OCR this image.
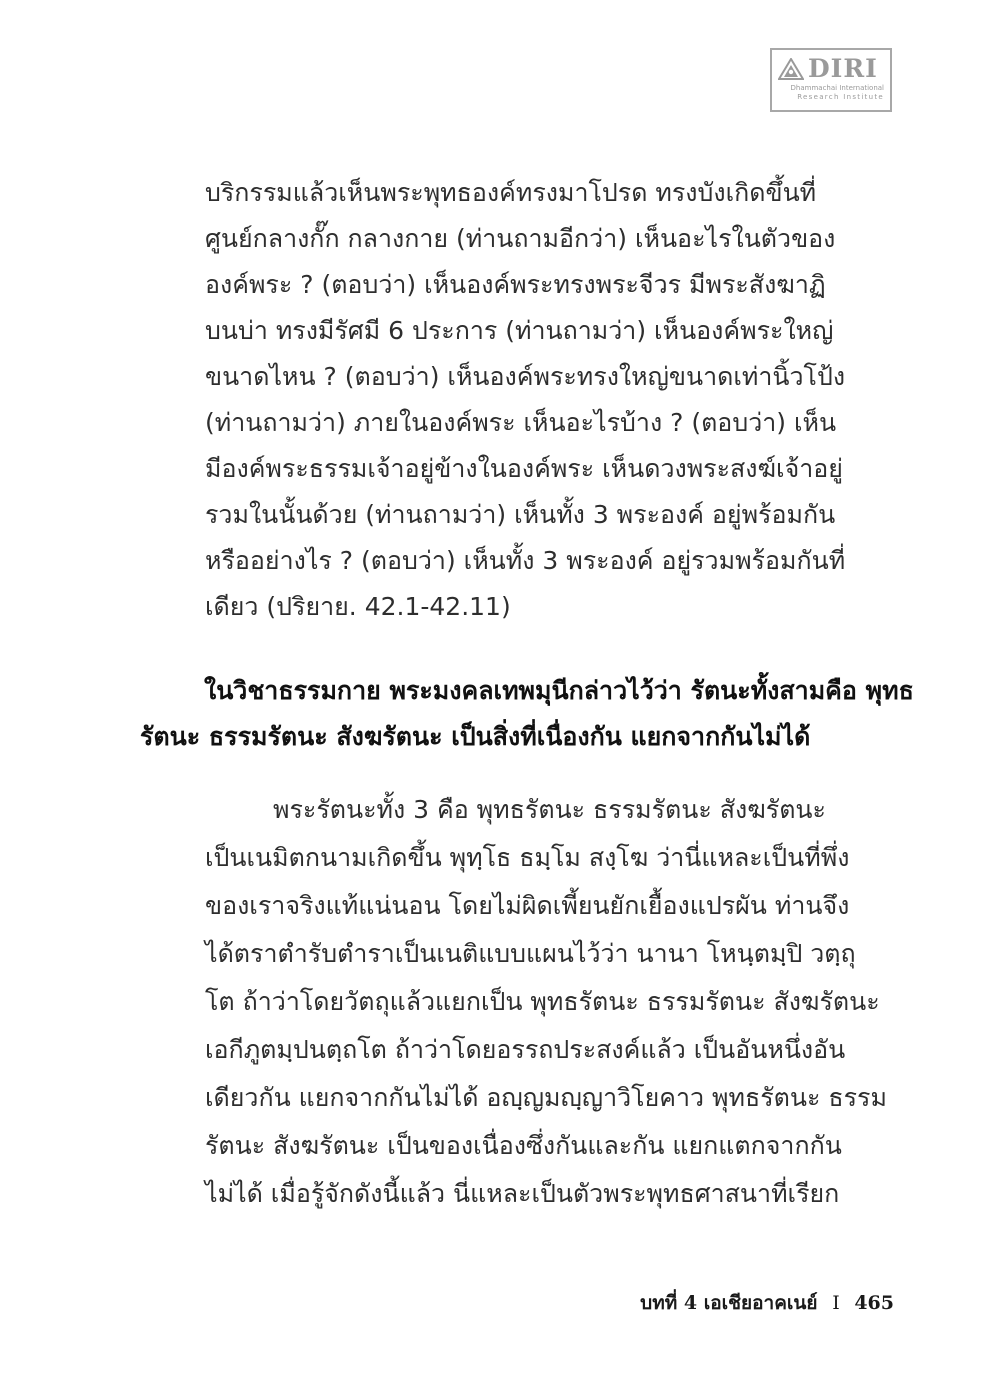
DIRI
Dhammachai International
Research Institute
บริกรรมแล้วเห็นพระพุทธองค์ทรงมาโปรด ทรงบังเกิดขึ้นที่
ศูนย์กลางกั๊ก กลางกาย (ท่านถามอีกว่า) เห็นอะไรในตัวของ
องค์พระ ? (ตอบว่า) เห็นองค์พระทรงพระจีวร มีพระสังฆาฏิ
บนบ่า ทรงมีรัศมี 6 ประการ (ท่านถามว่า) เห็นองค์พระใหญ่
ขนาดไหน ? (ตอบว่า) เห็นองค์พระทรงใหญ่ขนาดเท่านิ้วโป้ง
(ท่านถามว่า) ภายในองค์พระ เห็นอะไรบ้าง ? (ตอบว่า) เห็น
มีองค์พระธรรมเจ้าอยู่ข้างในองค์พระ เห็นดวงพระสงฆ์เจ้าอยู่
รวมในนั้นด้วย (ท่านถามว่า) เห็นทั้ง 3 พระองค์ อยู่พร้อมกัน
หรืออย่างไร ? (ตอบว่า) เห็นทั้ง 3 พระองค์ อยู่รวมพร้อมกันที่
เดียว (ปริยาย. 42.1-42.11)
ในวิชาธรรมกาย พระมงคลเทพมุนีกล่าวไว้ว่า รัตนะทั้งสามคือ พุทธ
รัตนะ ธรรมรัตนะ สังฆรัตนะ เป็นสิ่งที่เนื่องกัน แยกจากกันไม่ได้
พระรัตนะทั้ง 3 คือ พุทธรัตนะ ธรรมรัตนะ สังฆรัตนะ
เป็นเนมิตกนามเกิดขึ้น พุทฺโธ ธมฺโม สงฺโฆ ว่านี่แหละเป็นที่พึ่ง
ของเราจริงแท้แน่นอน โดยไม่ผิดเพี้ยนยักเยื้องแปรผัน ท่านจึง
ได้ตราตำรับตำราเป็นเนติแบบแผนไว้ว่า นานา โหนฺตมฺปิ วตฺถุ
โต ถ้าว่าโดยวัตถุแล้วแยกเป็น พุทธรัตนะ ธรรมรัตนะ สังฆรัตนะ
เอกีภูตมฺปนตฺถโต ถ้าว่าโดยอรรถประสงค์แล้ว เป็นอันหนึ่งอัน
เดียวกัน แยกจากกันไม่ได้ อญฺญมญฺญาวิโยคาว พุทธรัตนะ ธรรม
รัตนะ สังฆรัตนะ เป็นของเนื่องซึ่งกันและกัน แยกแตกจากกัน
ไม่ได้ เมื่อรู้จักดังนี้แล้ว นี่แหละเป็นตัวพระพุทธศาสนาที่เรียก
บทที่ 4 เอเชียอาคเนย์ I 465
